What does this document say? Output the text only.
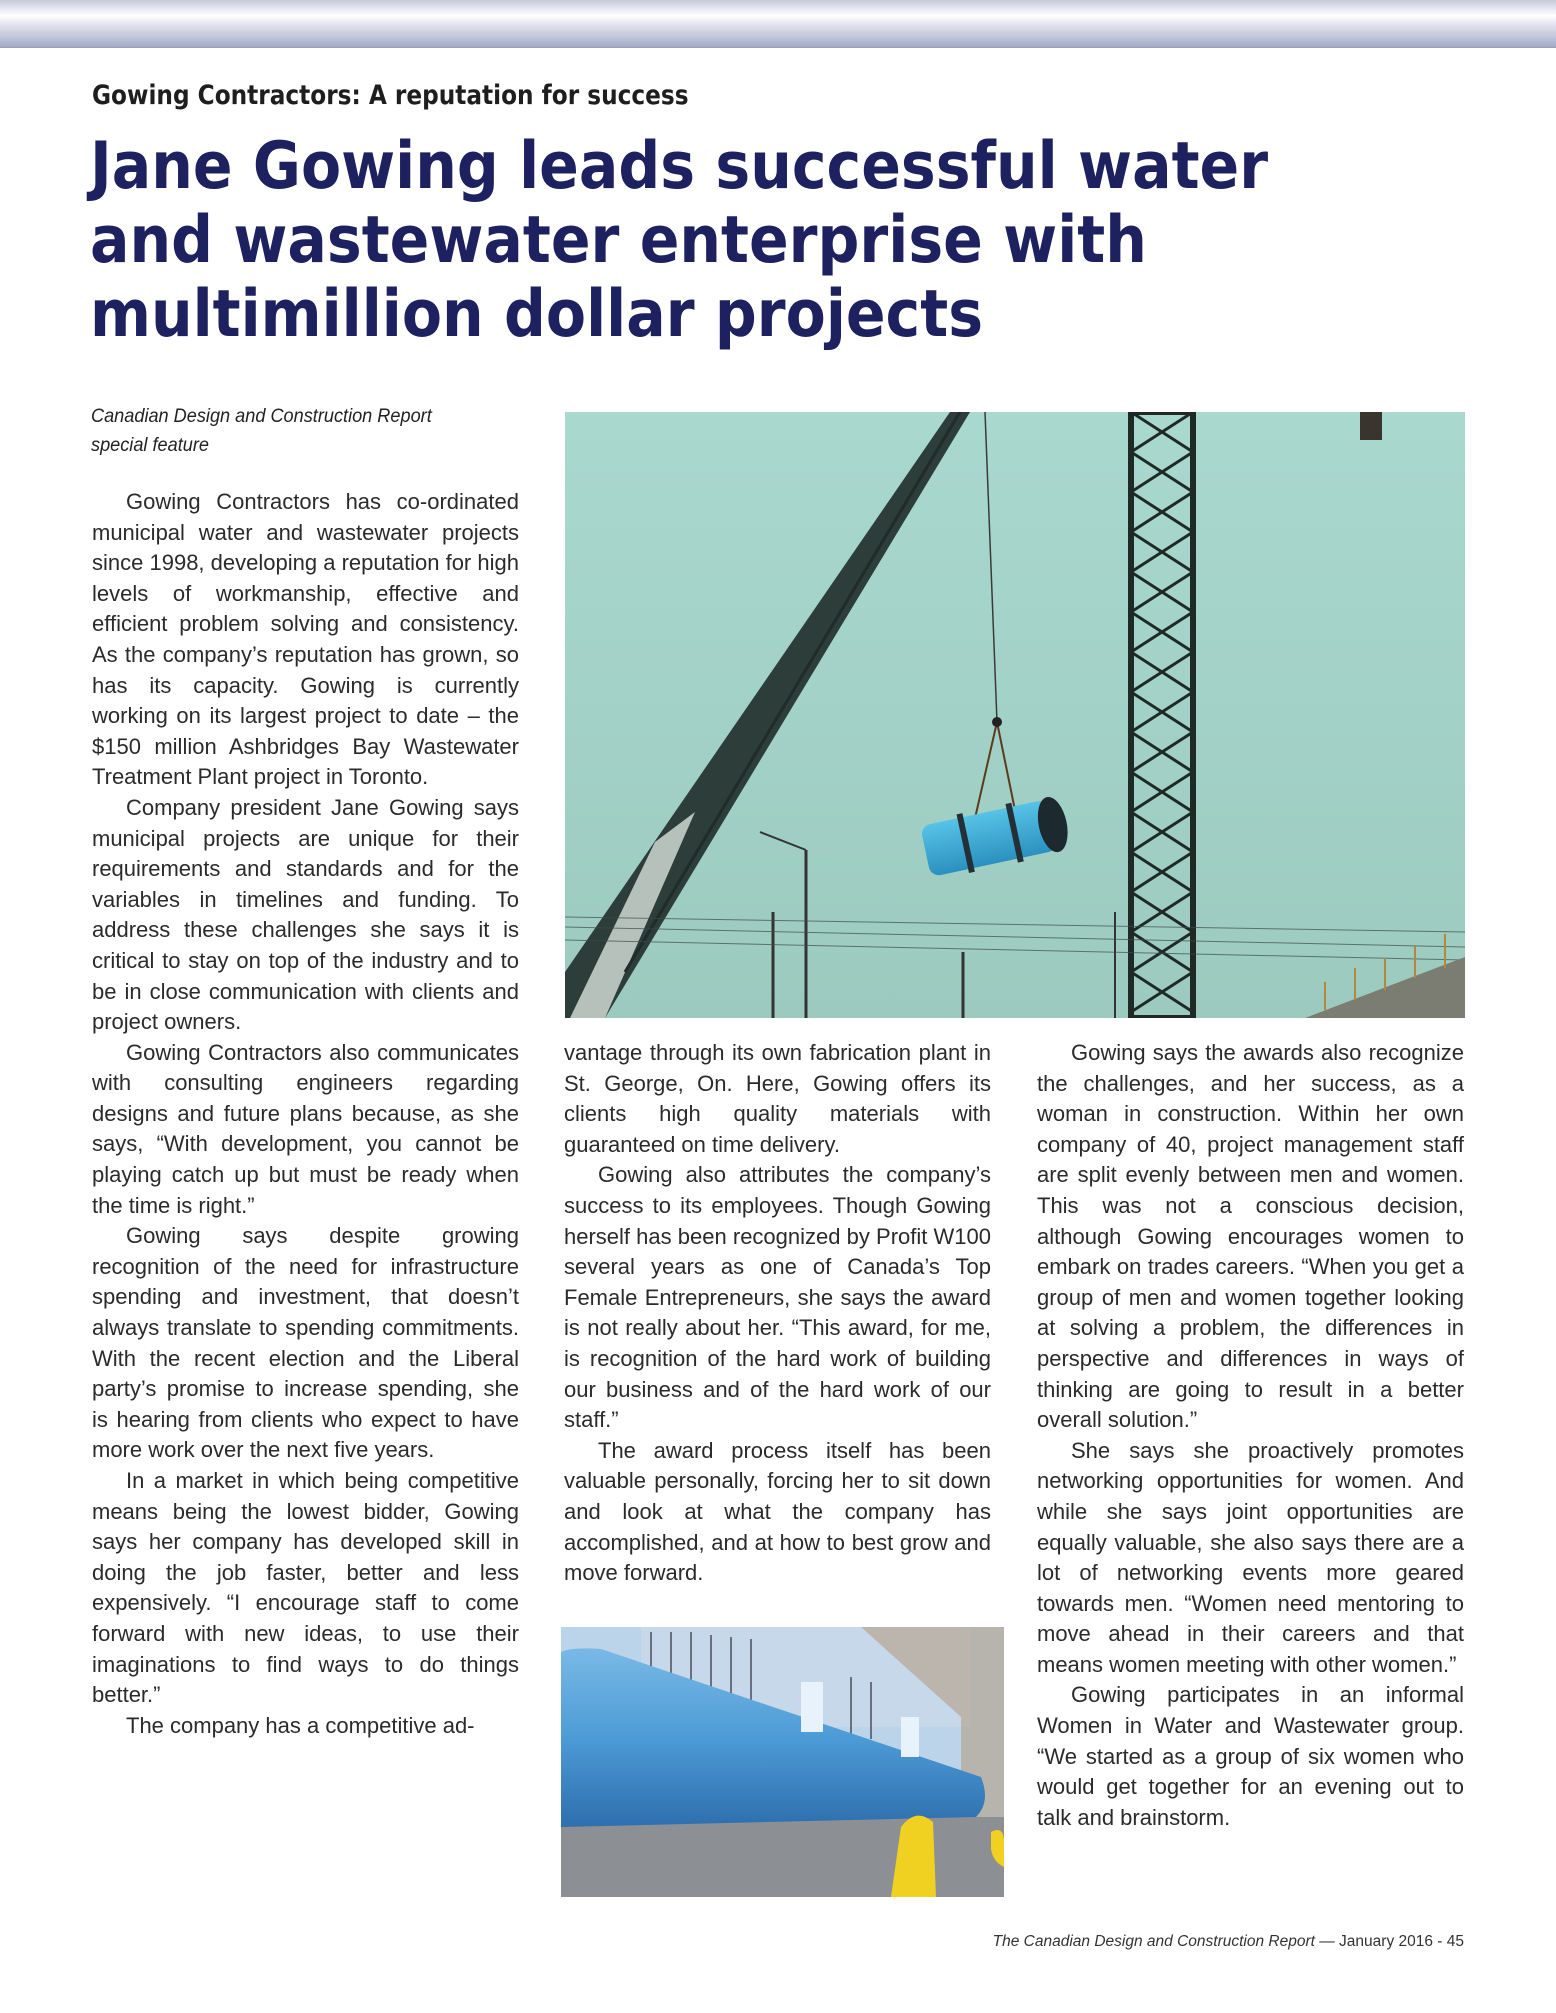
Gowing Contractors: A reputation for success
Jane Gowing leads successful water
and wastewater enterprise with
multimillion dollar projects
Canadian Design and Construction Report
special feature

Gowing Contractors has co-ordinated municipal water and wastewater projects since 1998, developing a reputation for high levels of workmanship, effective and efficient problem solving and consistency. As the company’s reputation has grown, so has its capacity. Gowing is currently working on its largest project to date – the $150 million Ashbridges Bay Wastewater Treatment Plant project in Toronto.

Company president Jane Gowing says municipal projects are unique for their requirements and standards and for the variables in timelines and funding. To address these challenges she says it is critical to stay on top of the industry and to be in close communication with clients and project owners.

Gowing Contractors also communicates with consulting engineers regarding designs and future plans because, as she says, “With development, you cannot be playing catch up but must be ready when the time is right.”

Gowing says despite growing recognition of the need for infrastructure spending and investment, that doesn’t always translate to spending commitments. With the recent election and the Liberal party’s promise to increase spending, she is hearing from clients who expect to have more work over the next five years.

In a market in which being competitive means being the lowest bidder, Gowing says her company has developed skill in doing the job faster, better and less expensively. “I encourage staff to come forward with new ideas, to use their imaginations to find ways to do things better.”

The company has a competitive ad-

vantage through its own fabrication plant in St. George, On. Here, Gowing offers its clients high quality materials with guaranteed on time delivery.

Gowing also attributes the company’s success to its employees. Though Gowing herself has been recognized by Profit W100 several years as one of Canada’s Top Female Entrepreneurs, she says the award is not really about her. “This award, for me, is recognition of the hard work of building our business and of the hard work of our staff.”

The award process itself has been valuable personally, forcing her to sit down and look at what the company has accomplished, and at how to best grow and move forward.

Gowing says the awards also recognize the challenges, and her success, as a woman in construction. Within her own company of 40, project management staff are split evenly between men and women. This was not a conscious decision, although Gowing encourages women to embark on trades careers. “When you get a group of men and women together looking at solving a problem, the differences in perspective and differences in ways of thinking are going to result in a better overall solution.”

She says she proactively promotes networking opportunities for women. And while she says joint opportunities are equally valuable, she also says there are a lot of networking events more geared towards men. “Women need mentoring to move ahead in their careers and that means women meeting with other women.”

Gowing participates in an informal Women in Water and Wastewater group. “We started as a group of six women who would get together for an evening out to talk and brainstorm.

The Canadian Design and Construction Report — January 2016 - 45
